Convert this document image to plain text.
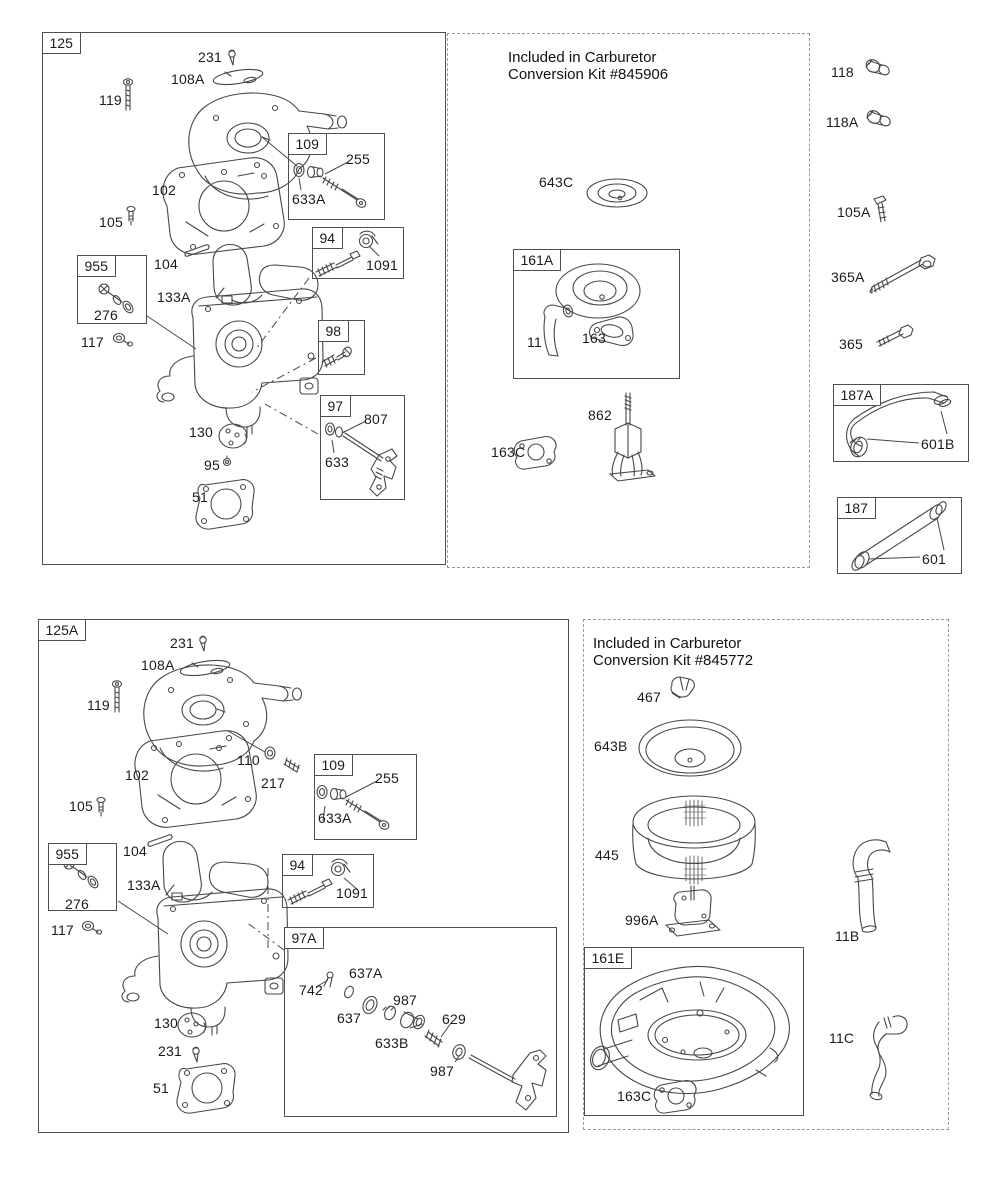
Included in Carburetor
Conversion Kit #845906
Included in Carburetor
Conversion Kit #845772
125
109
94
955
98
97
161A
187A
187
231
108A
119
102
105
276
117
104
133A
130
95
51
255
633A
1091
807
633
643C
11	163
862
163C
118
118A
105A
365A
365
601B
601
125A
109
955
94
97A
161E
231
108A
119
102
105
110
217	255
633A
276
117
104
133A	1091
637A
742
637
987
633B
629
987
130
231
51
467
643B
445
996A
163C
11B
11C
